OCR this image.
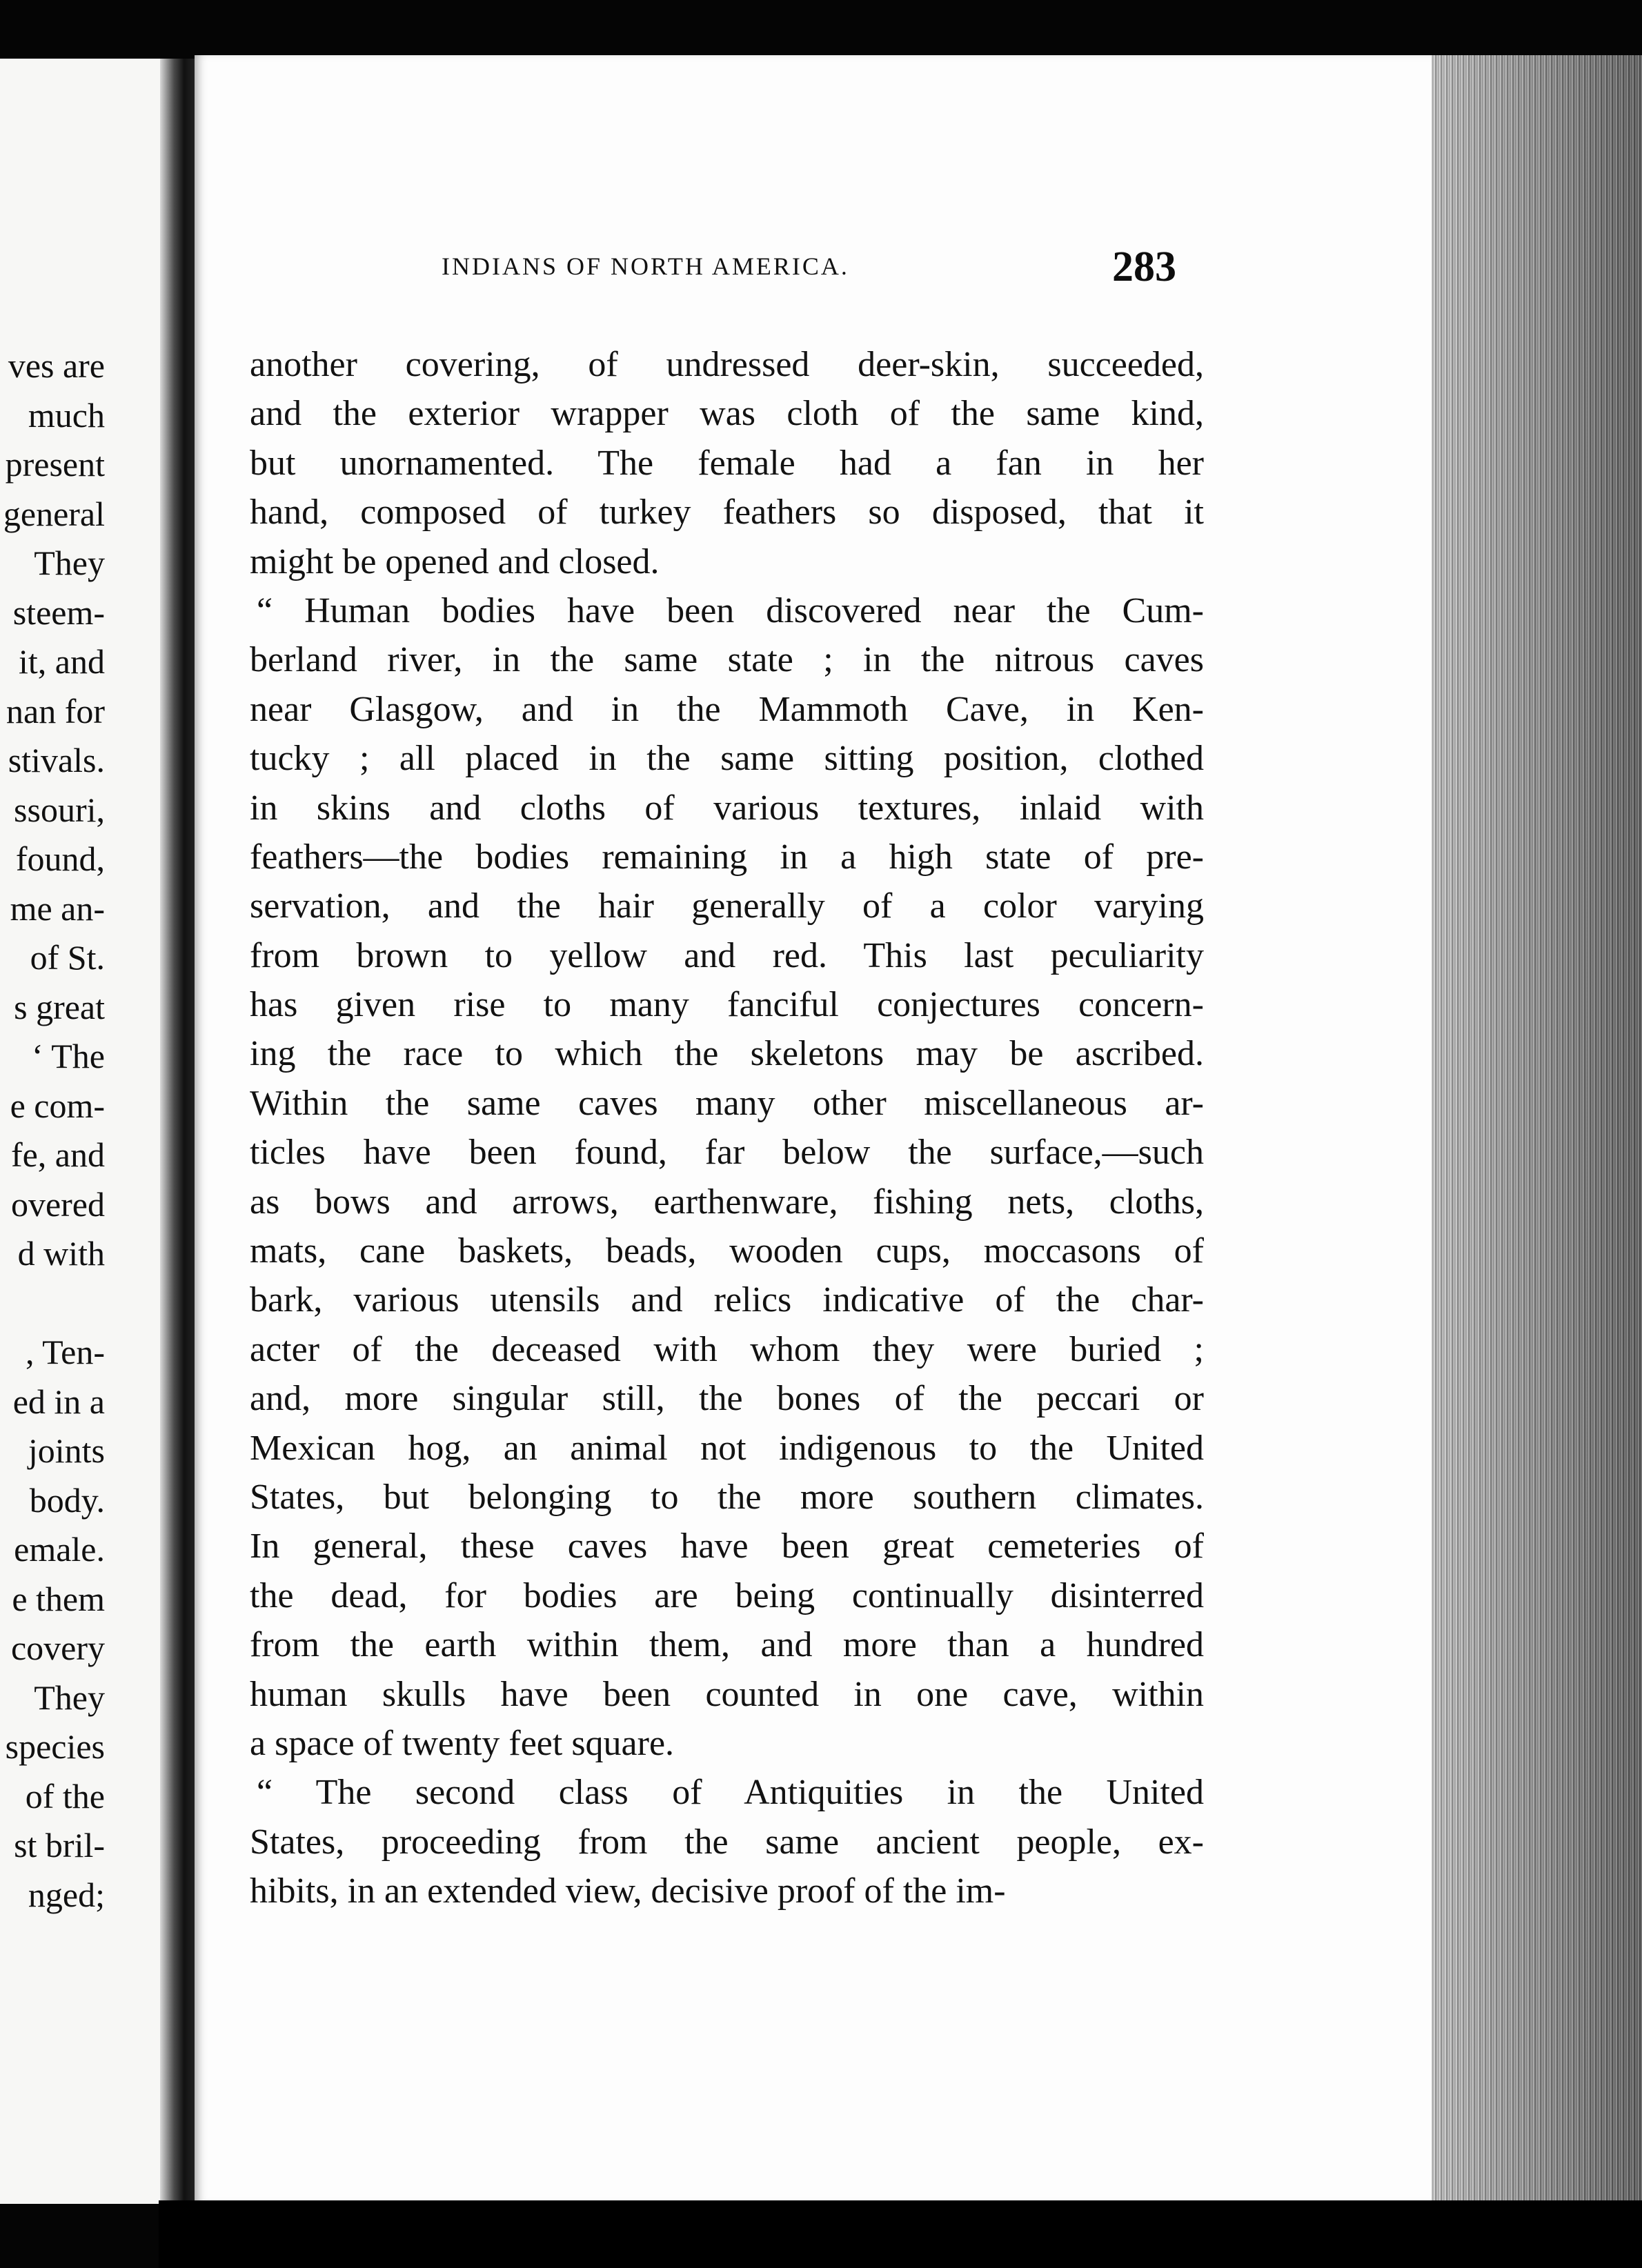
ves are
much
present
general
They
steem-
it, and
nan for
stivals.
ssouri,
found,
me an-
of St.
s great
‘ The
e com-
fe, and
overed
d with
, Ten-
ed in a
joints
body.
emale.
e them
covery
They
species
of the
st bril-
nged;
INDIANS OF NORTH AMERICA.	283
another covering, of undressed deer-skin, succeeded,
and the exterior wrapper was cloth of the same kind,
but unornamented. The female had a fan in her
hand, composed of turkey feathers so disposed, that it
might be opened and closed.
“ Human bodies have been discovered near the Cum-
berland river, in the same state ; in the nitrous caves
near Glasgow, and in the Mammoth Cave, in Ken-
tucky ; all placed in the same sitting position, clothed
in skins and cloths of various textures, inlaid with
feathers—the bodies remaining in a high state of pre-
servation, and the hair generally of a color varying
from brown to yellow and red. This last peculiarity
has given rise to many fanciful conjectures concern-
ing the race to which the skeletons may be ascribed.
Within the same caves many other miscellaneous ar-
ticles have been found, far below the surface,—such
as bows and arrows, earthenware, fishing nets, cloths,
mats, cane baskets, beads, wooden cups, moccasons of
bark, various utensils and relics indicative of the char-
acter of the deceased with whom they were buried ;
and, more singular still, the bones of the peccari or
Mexican hog, an animal not indigenous to the United
States, but belonging to the more southern climates.
In general, these caves have been great cemeteries of
the dead, for bodies are being continually disinterred
from the earth within them, and more than a hundred
human skulls have been counted in one cave, within
a space of twenty feet square.
“ The second class of Antiquities in the United
States, proceeding from the same ancient people, ex-
hibits, in an extended view, decisive proof of the im-
